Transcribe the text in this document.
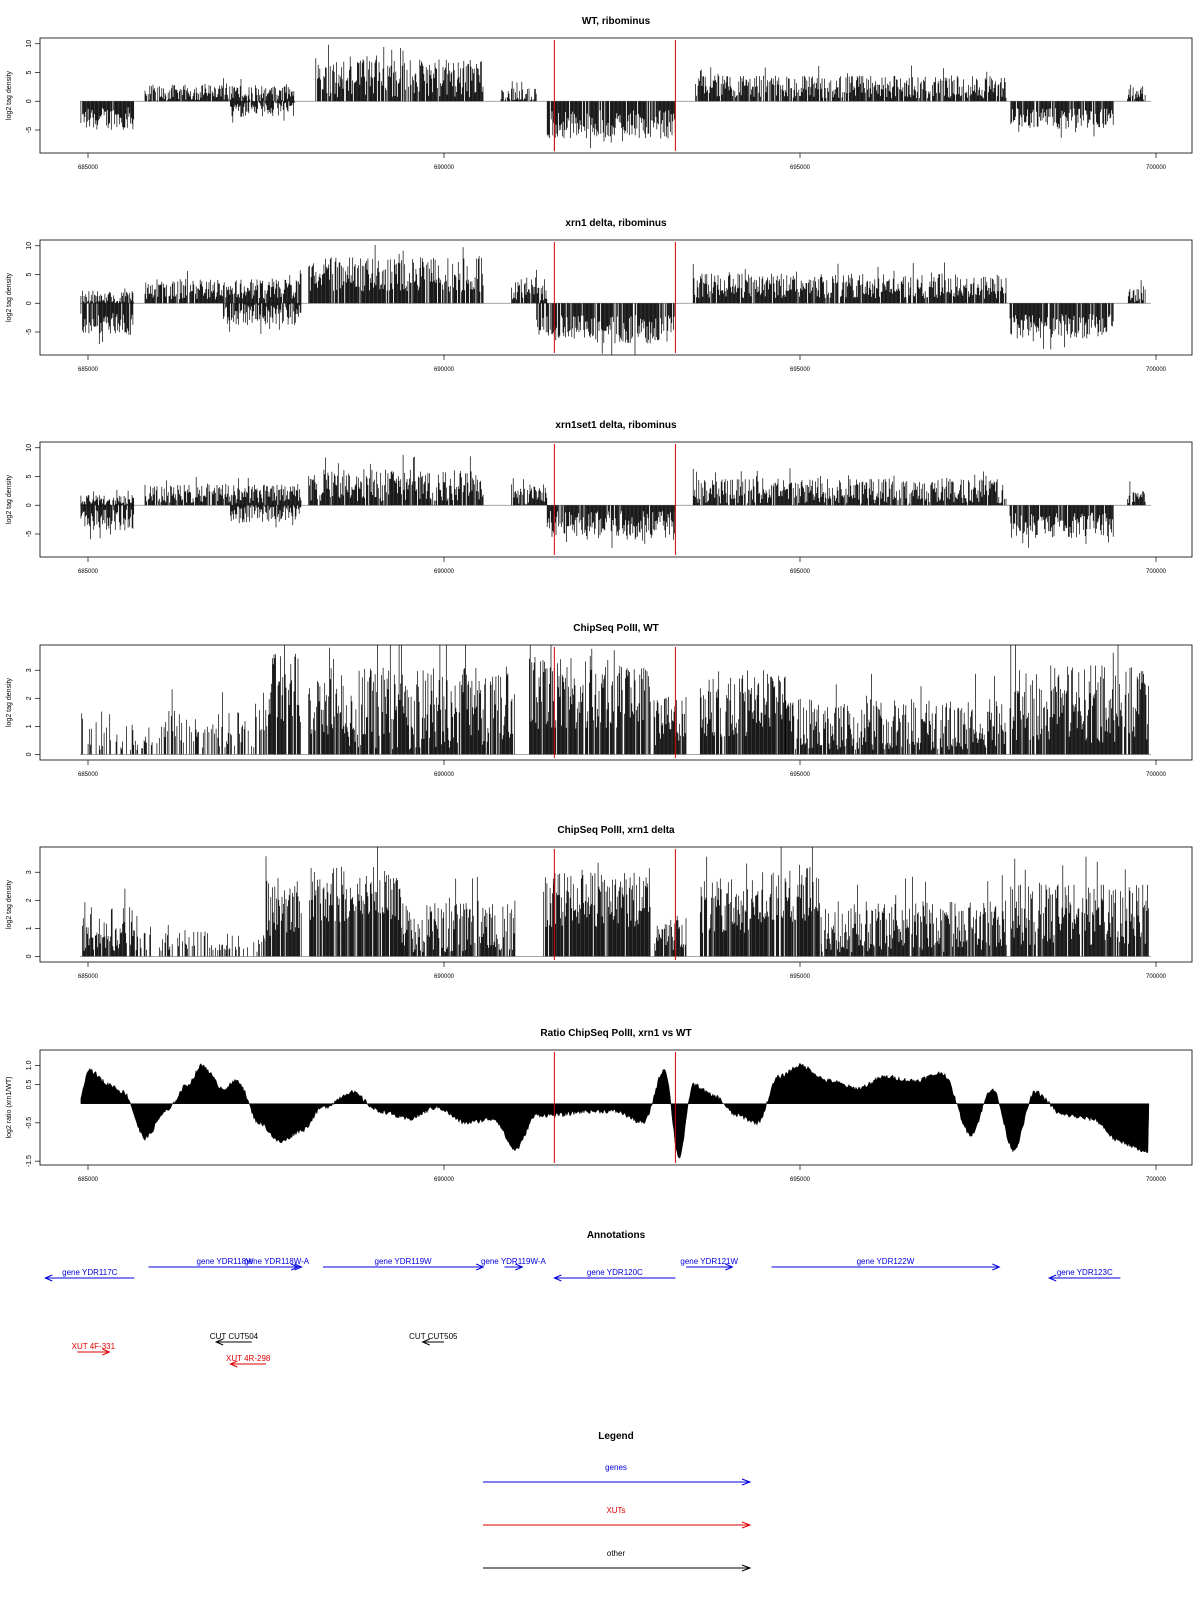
WT, ribominus
log2 tag density
-5
0
5
10
685000	690000	695000	700000
xrn1 delta, ribominus
log2 tag density
-5
0
5
10
685000	690000	695000	700000
xrn1set1 delta, ribominus
log2 tag density
-5
0
5
10
685000	690000	695000	700000
ChipSeq PolII, WT
log2 tag density
0
1
2
3
685000	690000	695000	700000
ChipSeq PolII, xrn1 delta
log2 tag density
0
1
2
3
685000	690000	695000	700000
Ratio ChipSeq PolII, xrn1 vs WT
log2 ratio (xrn1/WT)
-1.5
-0.5
0.5
1.0
685000	690000	695000	700000
Annotations
gene YDR117C
gene YDR118W
gene YDR118W-A	gene YDR119W	gene YDR119W-A
gene YDR120C
gene YDR121W	gene YDR122W
gene YDR123C
XUT 4F-331
CUT CUT504
XUT 4R-298
CUT CUT505
Legend
genes
XUTs
other
